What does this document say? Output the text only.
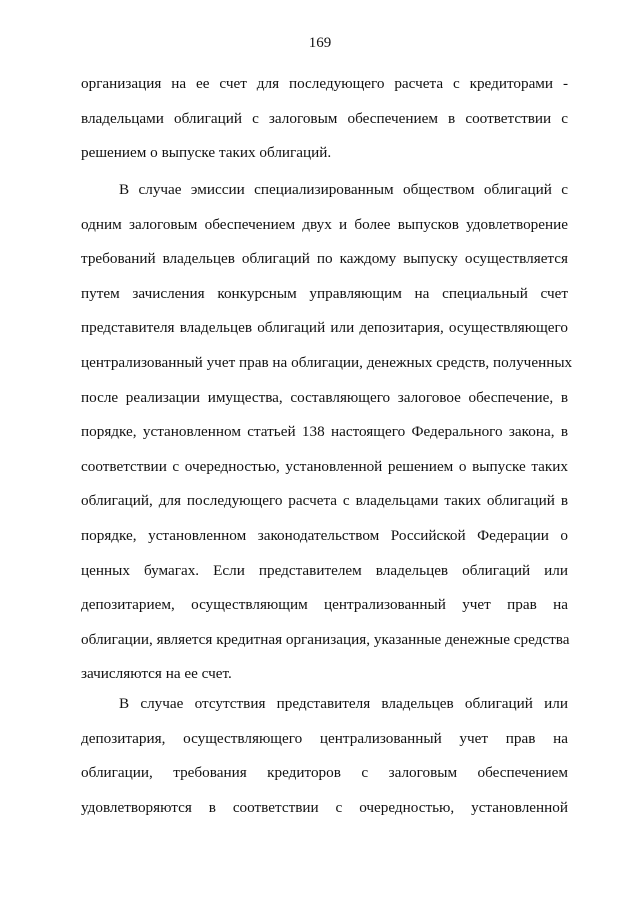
169
организация на ее счет для последующего расчета с кредиторами -
владельцами облигаций с залоговым обеспечением в соответствии с
решением о выпуске таких облигаций.
В случае эмиссии специализированным обществом облигаций с
одним залоговым обеспечением двух и более выпусков удовлетворение
требований владельцев облигаций по каждому выпуску осуществляется
путем зачисления конкурсным управляющим на специальный счет
представителя владельцев облигаций или депозитария, осуществляющего
централизованный учет прав на облигации, денежных средств, полученных
после реализации имущества, составляющего залоговое обеспечение, в
порядке, установленном статьей 138 настоящего Федерального закона, в
соответствии с очередностью, установленной решением о выпуске таких
облигаций, для последующего расчета с владельцами таких облигаций в
порядке, установленном законодательством Российской Федерации о
ценных бумагах. Если представителем владельцев облигаций или
депозитарием, осуществляющим централизованный учет прав на
облигации, является кредитная организация, указанные денежные средства
зачисляются на ее счет.
В случае отсутствия представителя владельцев облигаций или
депозитария, осуществляющего централизованный учет прав на
облигации, требования кредиторов с залоговым обеспечением
удовлетворяются в соответствии с очередностью, установленной
